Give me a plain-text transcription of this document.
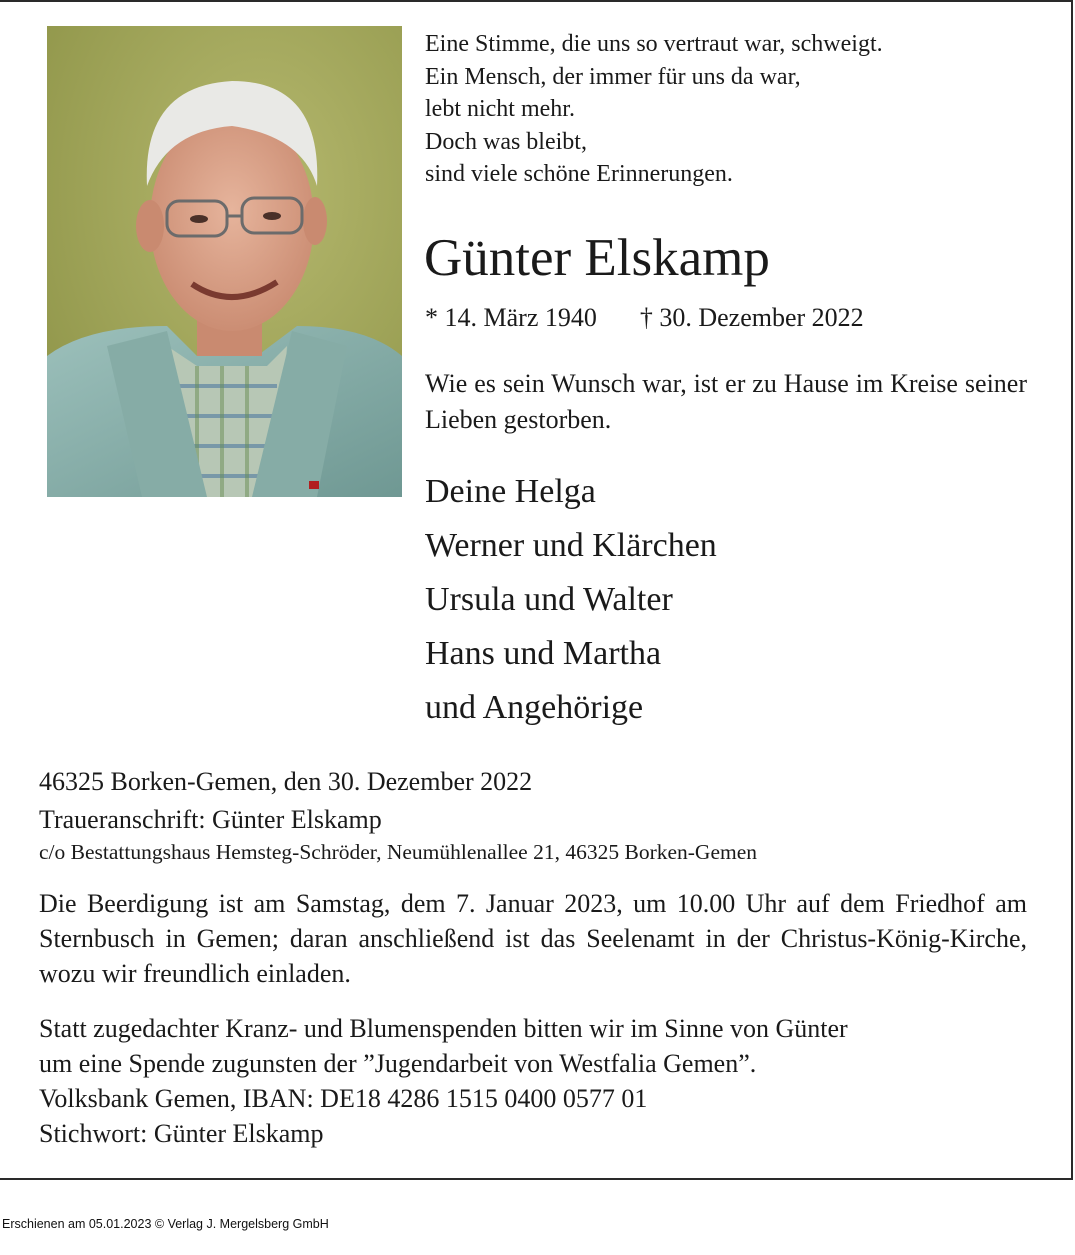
Eine Stimme, die uns so vertraut war, schweigt.
Ein Mensch, der immer für uns da war,
lebt nicht mehr.
Doch was bleibt,
sind viele schöne Erinnerungen.
Günter Elskamp
* 14. März 1940 † 30. Dezember 2022
Wie es sein Wunsch war, ist er zu Hause im Kreise seiner Lieben gestorben.
Deine Helga
Werner und Klärchen
Ursula und Walter
Hans und Martha
und Angehörige
46325 Borken-Gemen, den 30. Dezember 2022
Traueranschrift: Günter Elskamp
c/o Bestattungshaus Hemsteg-Schröder, Neumühlenallee 21, 46325 Borken-Gemen
Die Beerdigung ist am Samstag, dem 7. Januar 2023, um 10.00 Uhr auf dem Friedhof am Sternbusch in Gemen; daran anschließend ist das Seelenamt in der Christus-König-Kirche, wozu wir freundlich einladen.
Statt zugedachter Kranz- und Blumenspenden bitten wir im Sinne von Günter
um eine Spende zugunsten der ”Jugendarbeit von Westfalia Gemen”.
Volksbank Gemen, IBAN: DE18 4286 1515 0400 0577 01
Stichwort: Günter Elskamp
Erschienen am 05.01.2023 © Verlag J. Mergelsberg GmbH
